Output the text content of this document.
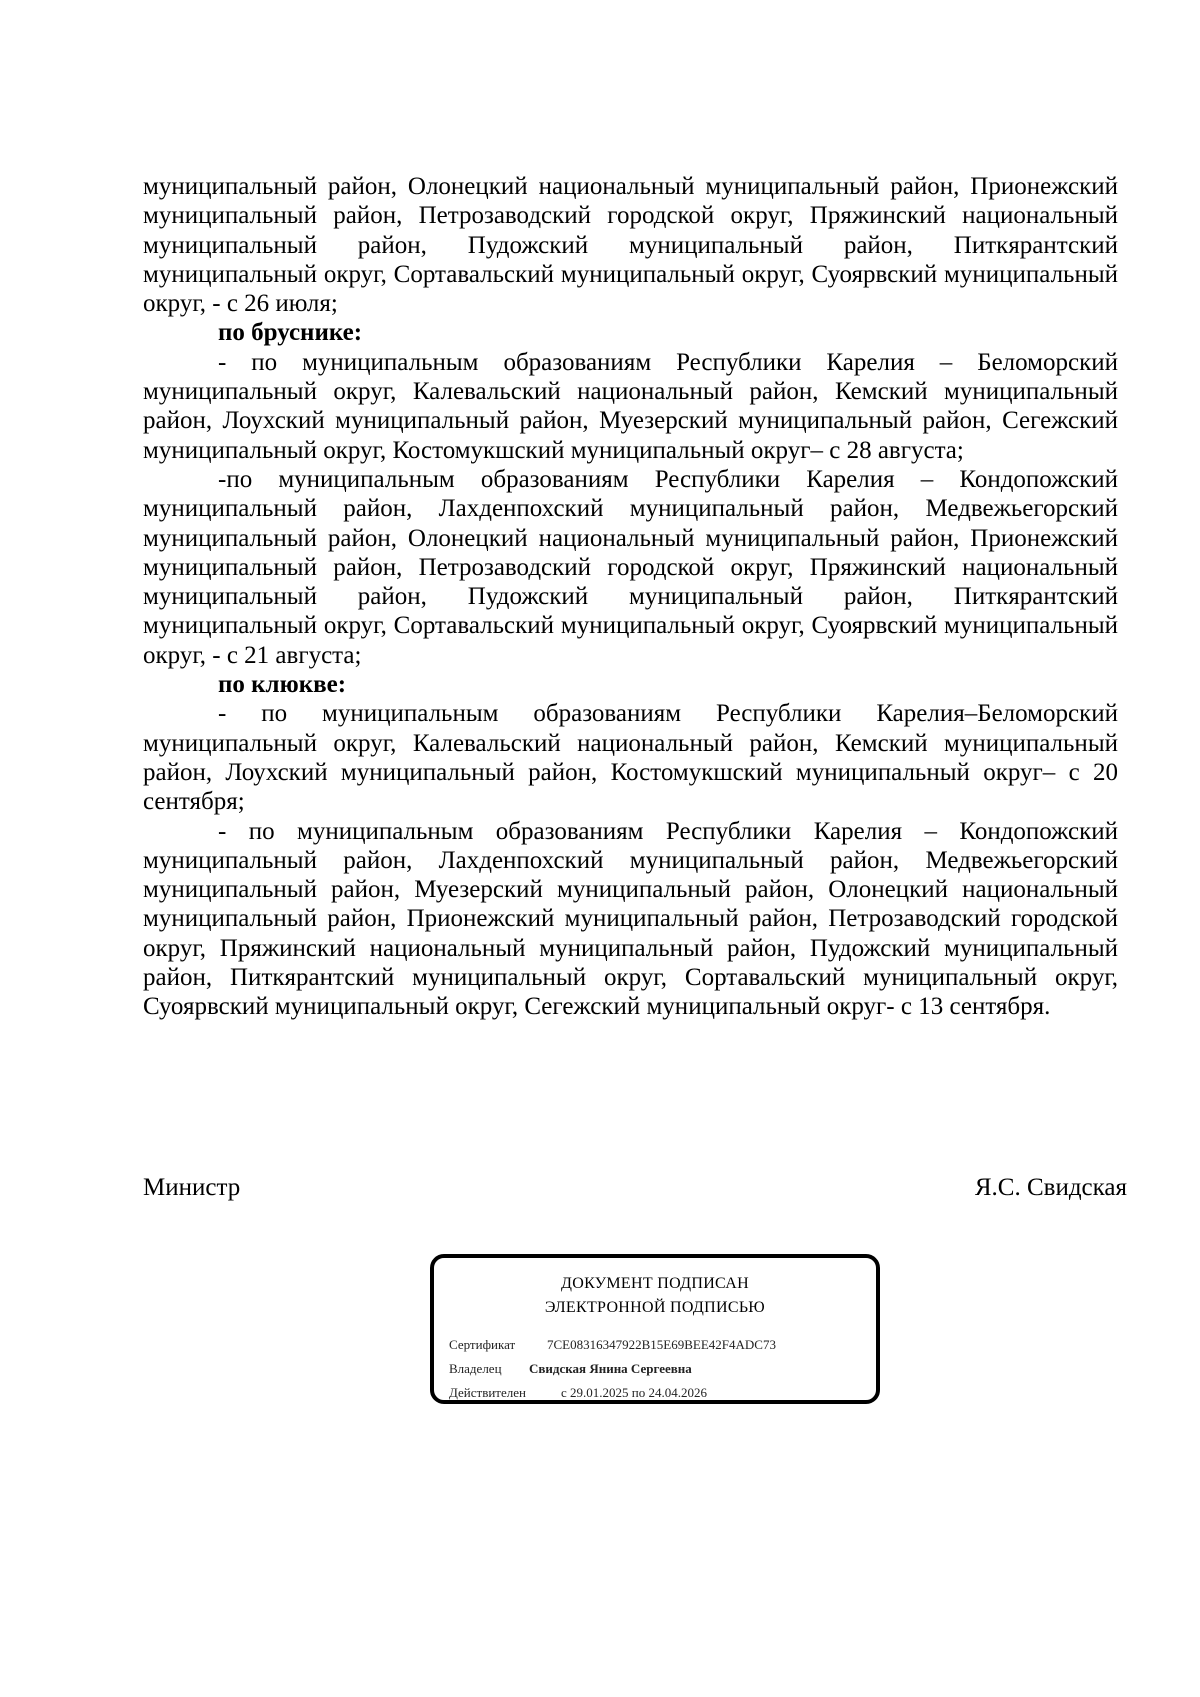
муниципальный район, Олонецкий национальный муниципальный район, Прионежский муниципальный район, Петрозаводский городской округ, Пряжинский национальный муниципальный район, Пудожский муниципальный район, Питкярантский муниципальный округ, Сортавальский муниципальный округ, Суоярвский муниципальный округ, - с 26 июля;

по бруснике:

- по муниципальным образованиям Республики Карелия – Беломорский муниципальный округ, Калевальский национальный район, Кемский муниципальный район, Лоухский муниципальный район, Муезерский муниципальный район, Сегежский муниципальный округ, Костомукшский муниципальный округ– с 28 августа;

-по муниципальным образованиям Республики Карелия – Кондопожский муниципальный район, Лахденпохский муниципальный район, Медвежьегорский муниципальный район, Олонецкий национальный муниципальный район, Прионежский муниципальный район, Петрозаводский городской округ, Пряжинский национальный муниципальный район, Пудожский муниципальный район, Питкярантский муниципальный округ, Сортавальский муниципальный округ, Суоярвский муниципальный округ, - с 21 августа;

по клюкве:

- по муниципальным образованиям Республики Карелия–Беломорский муниципальный округ, Калевальский национальный район, Кемский муниципальный район, Лоухский муниципальный район, Костомукшский муниципальный округ– с 20 сентября;

- по муниципальным образованиям Республики Карелия – Кондопожский муниципальный район, Лахденпохский муниципальный район, Медвежьегорский муниципальный район, Муезерский муниципальный район, Олонецкий национальный муниципальный район, Прионежский муниципальный район, Петрозаводский городской округ, Пряжинский национальный муниципальный район, Пудожский муниципальный район, Питкярантский муниципальный округ, Сортавальский муниципальный округ, Суоярвский муниципальный округ, Сегежский муниципальный округ- с 13 сентября.

Министр	Я.С. Свидская
ДОКУМЕНТ ПОДПИСАН
ЭЛЕКТРОННОЙ ПОДПИСЬЮ
Сертификат 7CE08316347922B15E69BEE42F4ADC73
Владелец Свидская Янина Сергеевна
Действителен	с 29.01.2025 по 24.04.2026
